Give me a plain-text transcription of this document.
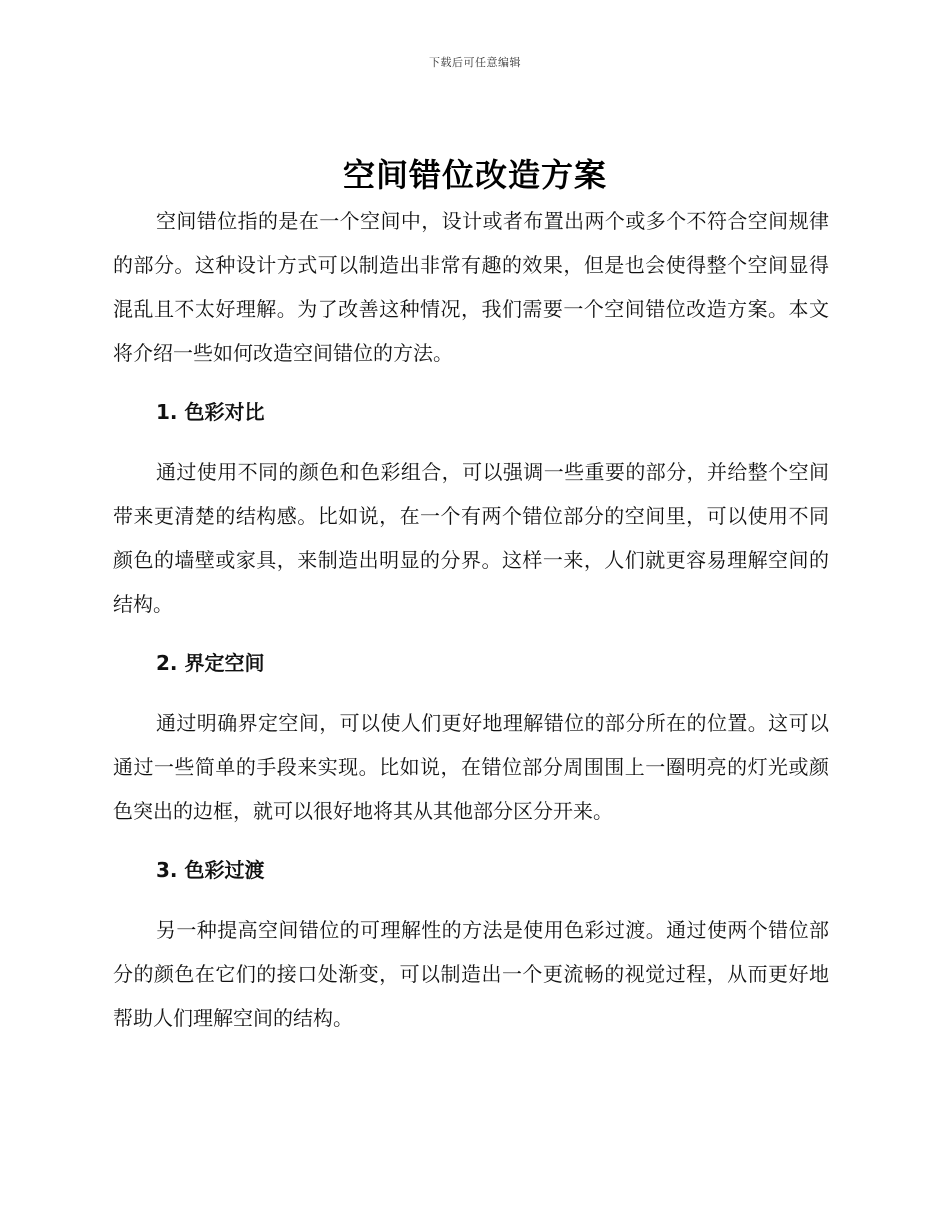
下载后可任意编辑
空间错位改造方案

空间错位指的是在一个空间中，设计或者布置出两个或多个不符合空间规律的部分。这种设计方式可以制造出非常有趣的效果，但是也会使得整个空间显得混乱且不太好理解。为了改善这种情况，我们需要一个空间错位改造方案。本文将介绍一些如何改造空间错位的方法。

1. 色彩对比

通过使用不同的颜色和色彩组合，可以强调一些重要的部分，并给整个空间带来更清楚的结构感。比如说，在一个有两个错位部分的空间里，可以使用不同颜色的墙壁或家具，来制造出明显的分界。这样一来，人们就更容易理解空间的结构。

2. 界定空间

通过明确界定空间，可以使人们更好地理解错位的部分所在的位置。这可以通过一些简单的手段来实现。比如说，在错位部分周围围上一圈明亮的灯光或颜色突出的边框，就可以很好地将其从其他部分区分开来。

3. 色彩过渡

另一种提高空间错位的可理解性的方法是使用色彩过渡。通过使两个错位部分的颜色在它们的接口处渐变，可以制造出一个更流畅的视觉过程，从而更好地帮助人们理解空间的结构。
